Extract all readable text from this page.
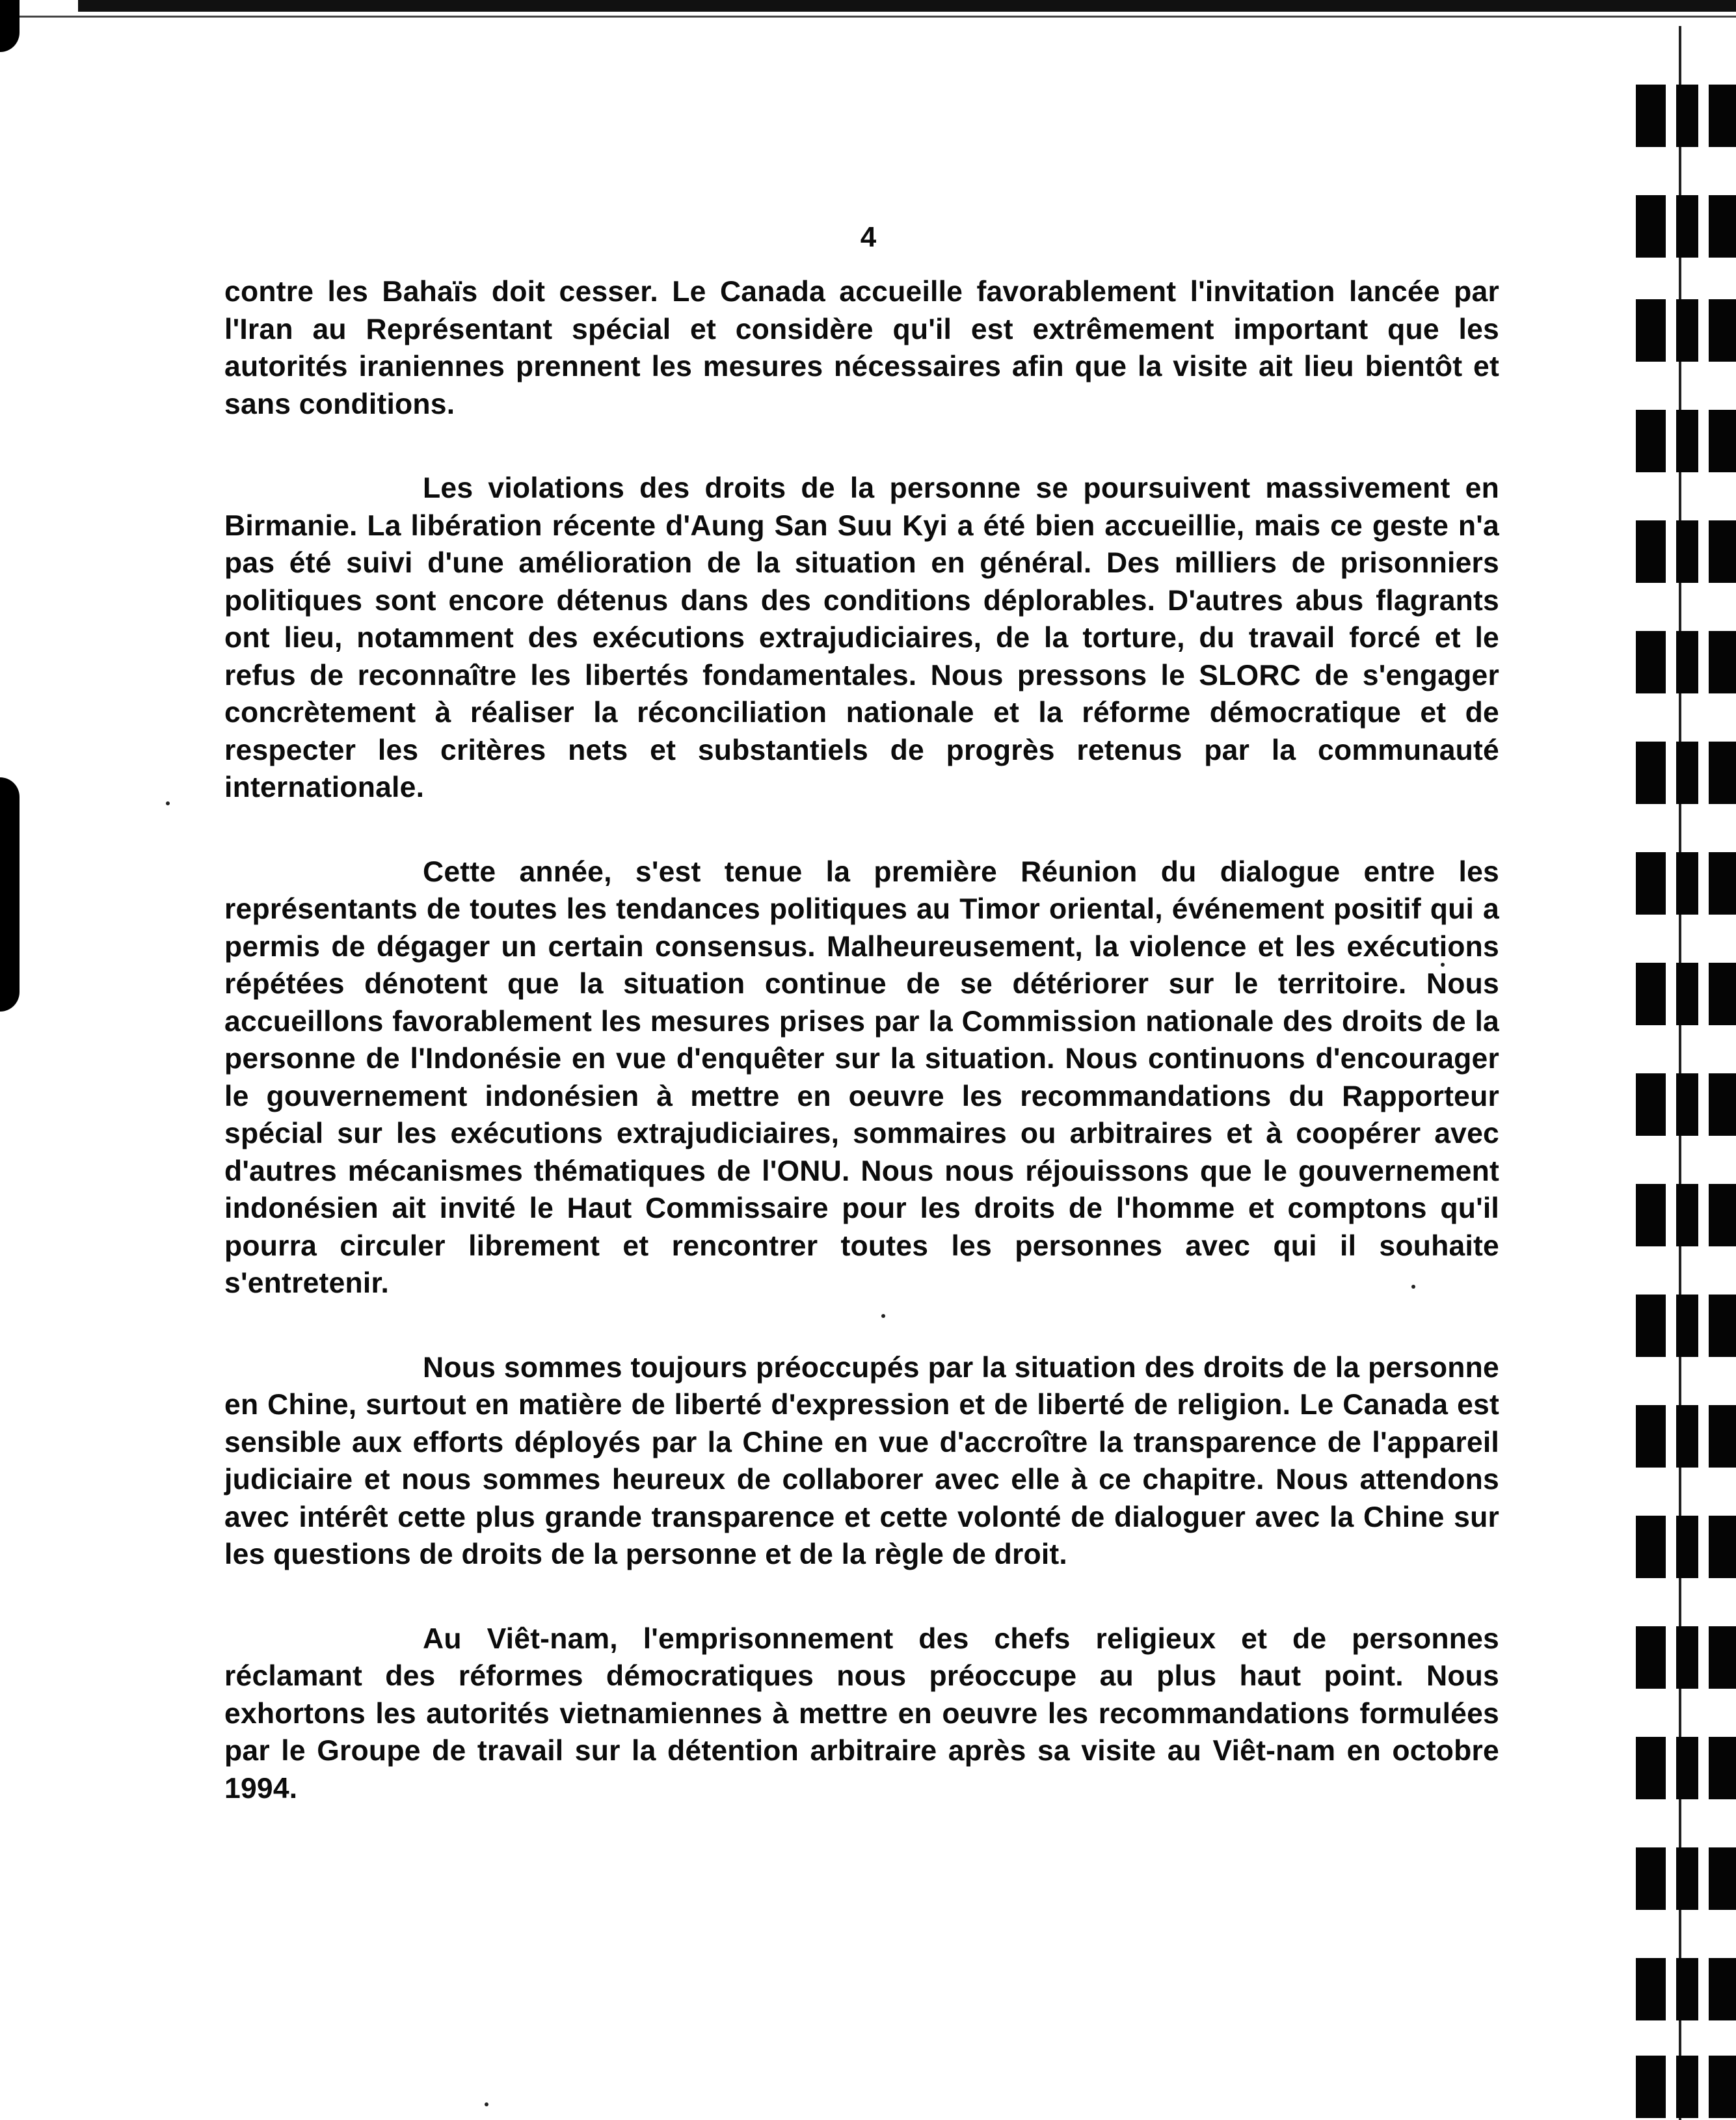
4

contre les Bahaïs doit cesser. Le Canada accueille favorablement l'invitation lancée par l'Iran au Représentant spécial et considère qu'il est extrêmement important que les autorités iraniennes prennent les mesures nécessaires afin que la visite ait lieu bientôt et sans conditions.

Les violations des droits de la personne se poursuivent massivement en Birmanie. La libération récente d'Aung San Suu Kyi a été bien accueillie, mais ce geste n'a pas été suivi d'une amélioration de la situation en général. Des milliers de prisonniers politiques sont encore détenus dans des conditions déplorables. D'autres abus flagrants ont lieu, notamment des exécutions extrajudiciaires, de la torture, du travail forcé et le refus de reconnaître les libertés fondamentales. Nous pressons le SLORC de s'engager concrètement à réaliser la réconciliation nationale et la réforme démocratique et de respecter les critères nets et substantiels de progrès retenus par la communauté internationale.

Cette année, s'est tenue la première Réunion du dialogue entre les représentants de toutes les tendances politiques au Timor oriental, événement positif qui a permis de dégager un certain consensus. Malheureusement, la violence et les exécutions répétées dénotent que la situation continue de se détériorer sur le territoire. Nous accueillons favorablement les mesures prises par la Commission nationale des droits de la personne de l'Indonésie en vue d'enquêter sur la situation. Nous continuons d'encourager le gouvernement indonésien à mettre en oeuvre les recommandations du Rapporteur spécial sur les exécutions extrajudiciaires, sommaires ou arbitraires et à coopérer avec d'autres mécanismes thématiques de l'ONU. Nous nous réjouissons que le gouvernement indonésien ait invité le Haut Commissaire pour les droits de l'homme et comptons qu'il pourra circuler librement et rencontrer toutes les personnes avec qui il souhaite s'entretenir.

Nous sommes toujours préoccupés par la situation des droits de la personne en Chine, surtout en matière de liberté d'expression et de liberté de religion. Le Canada est sensible aux efforts déployés par la Chine en vue d'accroître la transparence de l'appareil judiciaire et nous sommes heureux de collaborer avec elle à ce chapitre. Nous attendons avec intérêt cette plus grande transparence et cette volonté de dialoguer avec la Chine sur les questions de droits de la personne et de la règle de droit.

Au Viêt-nam, l'emprisonnement des chefs religieux et de personnes réclamant des réformes démocratiques nous préoccupe au plus haut point. Nous exhortons les autorités vietnamiennes à mettre en oeuvre les recommandations formulées par le Groupe de travail sur la détention arbitraire après sa visite au Viêt-nam en octobre 1994.
